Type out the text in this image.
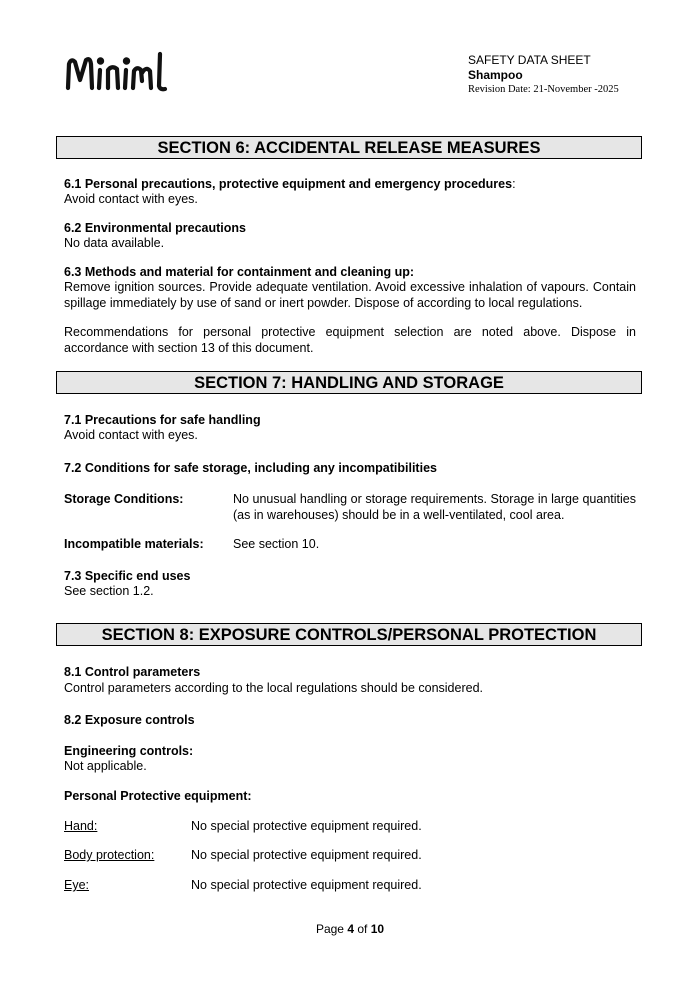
SAFETY DATA SHEET
Shampoo
Revision Date: 21-November -2025
SECTION 6: ACCIDENTAL RELEASE MEASURES
6.1 Personal precautions, protective equipment and emergency procedures:
Avoid contact with eyes.
6.2 Environmental precautions
No data available.
6.3 Methods and material for containment and cleaning up:
Remove ignition sources. Provide adequate ventilation. Avoid excessive inhalation of vapours. Contain spillage immediately by use of sand or inert powder. Dispose of according to local regulations.
Recommendations for personal protective equipment selection are noted above. Dispose in accordance with section 13 of this document.
SECTION 7: HANDLING AND STORAGE
7.1 Precautions for safe handling
Avoid contact with eyes.
7.2 Conditions for safe storage, including any incompatibilities
Storage Conditions:	No unusual handling or storage requirements. Storage in large quantities (as in warehouses) should be in a well-ventilated, cool area.
Incompatible materials: See section 10.
7.3 Specific end uses
See section 1.2.
SECTION 8: EXPOSURE CONTROLS/PERSONAL PROTECTION
8.1 Control parameters
Control parameters according to the local regulations should be considered.
8.2 Exposure controls
Engineering controls:
Not applicable.
Personal Protective equipment:
Hand:	No special protective equipment required.
Body protection:	No special protective equipment required.
Eye:	No special protective equipment required.
Page 4 of 10
